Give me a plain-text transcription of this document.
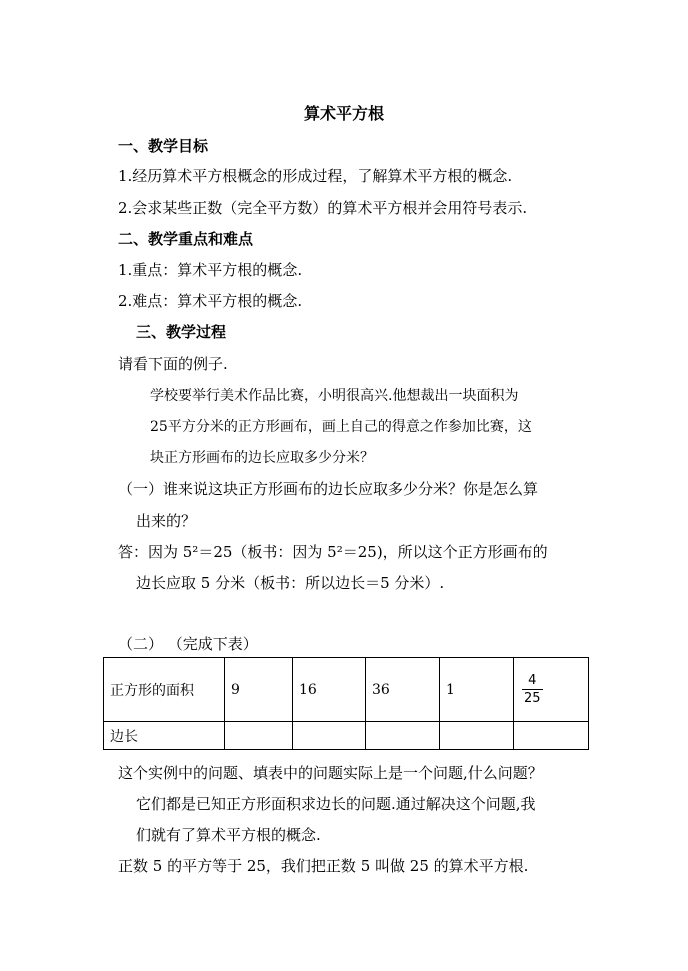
算术平方根
一、教学目标
1.经历算术平方根概念的形成过程，了解算术平方根的概念.
2.会求某些正数（完全平方数）的算术平方根并会用符号表示.
二、教学重点和难点
1.重点：算术平方根的概念.
2.难点：算术平方根的概念.
三、教学过程
请看下面的例子.
学校要举行美术作品比赛，小明很高兴.他想裁出一块面积为
25平方分米的正方形画布，画上自己的得意之作参加比赛，这
块正方形画布的边长应取多少分米？
（一）谁来说这块正方形画布的边长应取多少分米？你是怎么算
出来的？
答：因为 5²＝25（板书：因为 5²＝25)，所以这个正方形画布的
边长应取 5 分米（板书：所以边长＝5 分米）.
（二） （完成下表）
正方形的面积	9	16	36	1	$\frac{4}{25}$

边长					
这个实例中的问题、填表中的问题实际上是一个问题,什么问题？
它们都是已知正方形面积求边长的问题.通过解决这个问题,我
们就有了算术平方根的概念.
正数 5 的平方等于 25，我们把正数 5 叫做 25 的算术平方根.
